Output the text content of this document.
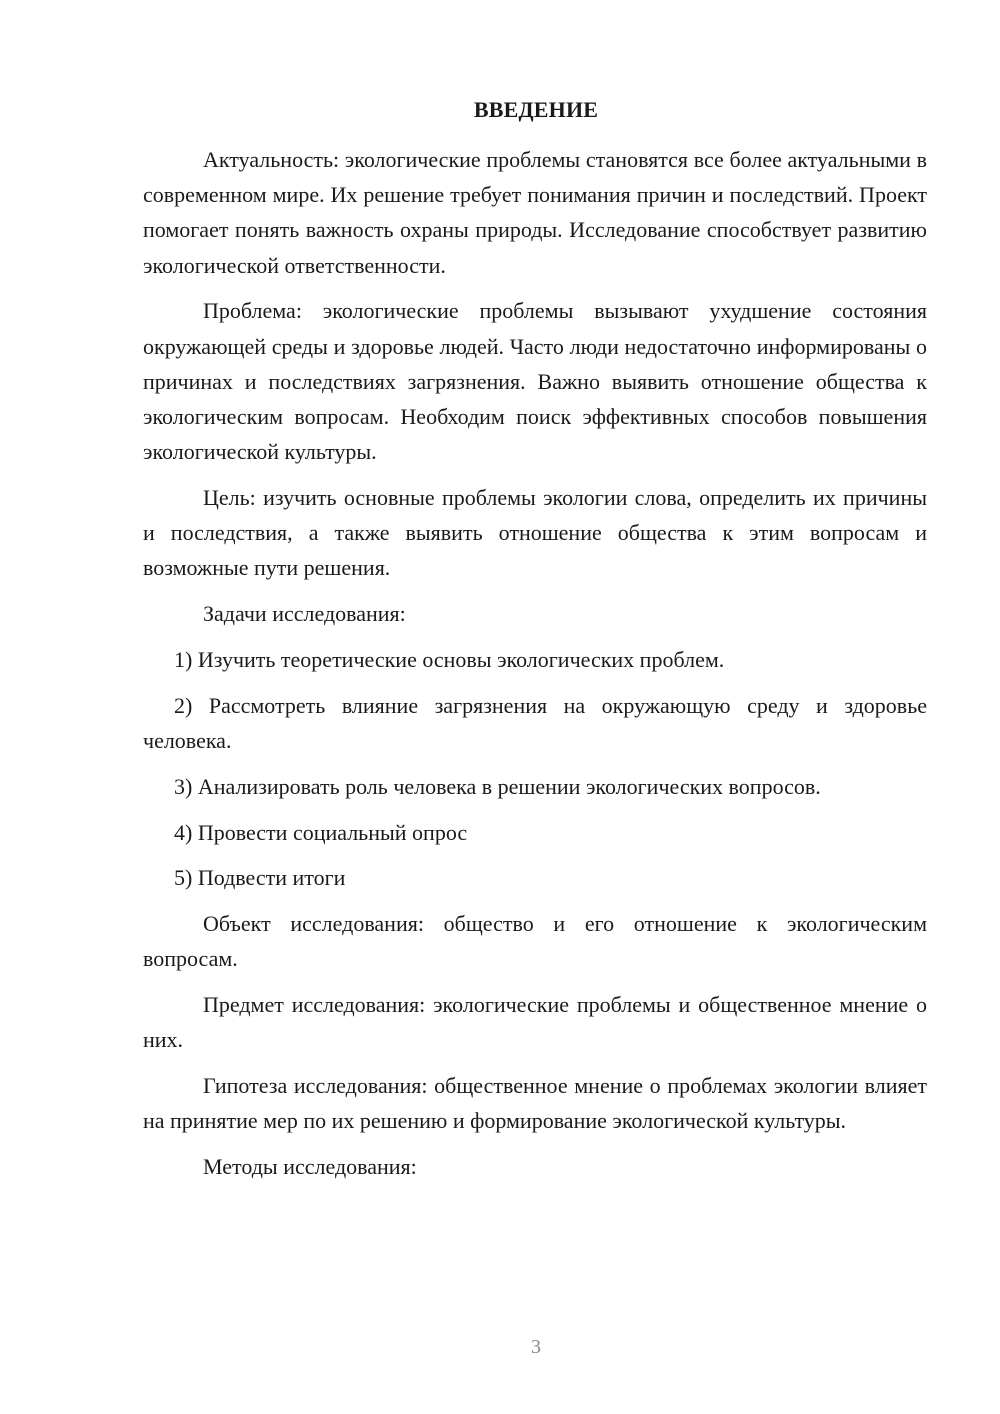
ВВЕДЕНИЕ

Актуальность: экологические проблемы становятся все более актуальными в современном мире. Их решение требует понимания причин и последствий. Проект помогает понять важность охраны природы. Исследование способствует развитию экологической ответственности.

Проблема: экологические проблемы вызывают ухудшение состояния окружающей среды и здоровье людей. Часто люди недостаточно информированы о причинах и последствиях загрязнения. Важно выявить отношение общества к экологическим вопросам. Необходим поиск эффективных способов повышения экологической культуры.

Цель: изучить основные проблемы экологии слова, определить их причины и последствия, а также выявить отношение общества к этим вопросам и возможные пути решения.

Задачи исследования:

1) Изучить теоретические основы экологических проблем.

2) Рассмотреть влияние загрязнения на окружающую среду и здоровье человека.

3) Анализировать роль человека в решении экологических вопросов.

4) Провести социальный опрос

5) Подвести итоги

Объект исследования: общество и его отношение к экологическим вопросам.

Предмет исследования: экологические проблемы и общественное мнение о них.

Гипотеза исследования: общественное мнение о проблемах экологии влияет на принятие мер по их решению и формирование экологической культуры.

Методы исследования:

3
